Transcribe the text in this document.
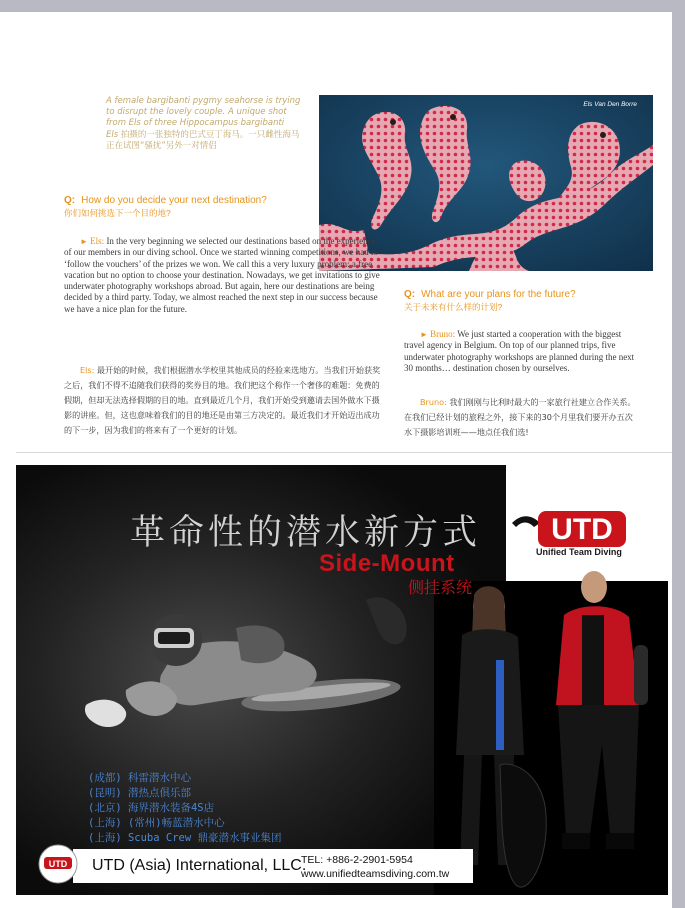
A female bargibanti pygmy seahorse is trying to disrupt the lovely couple. A unique shot from Els of three Hippocampus bargibanti
Els 拍摄的一张独特的巴式豆丁海马。一只雌性海马正在试图“骚扰”另外一对情侣
Els Van Den Borre
Q: How do you decide your next destination?
你们如何挑选下一个目的地?
► Els: In the very beginning we selected our destinations based on the experience of our members in our diving school. Once we started winning competitions, we had to ‘follow the vouchers’ of the prizes we won. We call this a very luxury problem: a free vacation but no option to choose your destination. Nowadays, we get invitations to give underwater photography workshops abroad. But again, here our destinations are being decided by a third party. Today, we almost reached the next step in our success because we have a nice plan for the future.
Els: 最开始的时候，我们根据潜水学校里其他成员的经验来选地方。当我们开始获奖之后，我们不得不追随我们获得的奖券目的地。我们把这个称作一个奢侈的难题：免费的假期，但却无法选择假期的目的地。直到最近几个月，我们开始受到邀请去国外做水下摄影的讲座。但，这也意味着我们的目的地还是由第三方决定的。最近我们才开始迈出成功的下一步，因为我们的将来有了一个更好的计划。
Q: What are your plans for the future?
关于未来有什么样的计划?
► Bruno: We just started a cooperation with the biggest travel agency in Belgium. On top of our planned trips, five underwater photography workshops are planned during the next 30 months… destination chosen by ourselves.
Bruno: 我们刚刚与比利时最大的一家旅行社建立合作关系。在我们已经计划的旅程之外，接下来的30个月里我们要开办五次水下摄影培训班——地点任我们选!
革命性的潜水新方式
Side-Mount
侧挂系统
UTD
Unified Team Diving
(成都) 科雷潜水中心
(昆明) 潜热点俱乐部
(北京) 海界潜水装备4S店
(上海) (常州)畅蓝潜水中心
(上海) Scuba Crew 鼎豪潜水事业集团
UTD UTD (Asia) International, LLC.
TEL: +886-2-2901-5954
www.unifiedteamsdiving.com.tw
